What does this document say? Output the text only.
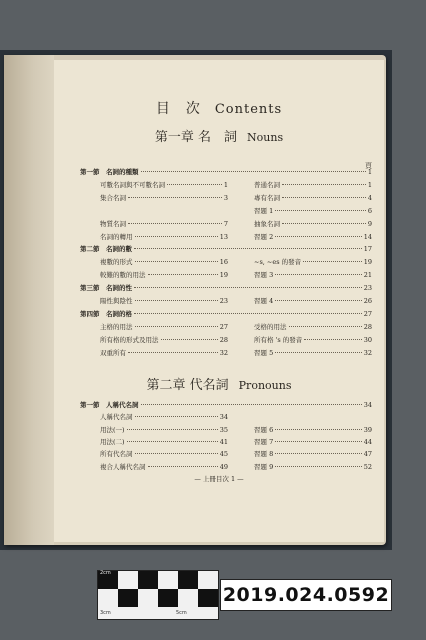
目　次 Contents
第一章 名　詞 Nouns
頁
第一節　名詞的種類	1
可數名詞與不可數名詞	1	普通名詞	1
集合名詞	3	專有名詞	4
習題 1	6
物質名詞	7	抽象名詞	9
名詞的轉用	13	習題 2	14
第二節　名詞的數	17
複數的形式	16	~s, ~es 的發音	19
較難的數的用法	19	習題 3	21
第三節　名詞的性	23
陽性與陰性	23	習題 4	26
第四節　名詞的格	27
主格的用法	27	受格的用法	28
所有格的形式及用法	28	所有格 's 的發音	30
双重所有	32	習題 5	32
第二章 代名詞 Pronouns
第一節　人稱代名詞	34
人稱代名詞	34
用法(一)	35	習題 6	39
用法(二)	41	習題 7	44
所有代名詞	45	習題 8	47
複合人稱代名詞	49	習題 9	52
— 上冊目次 1 —
2cm
3cm	5cm
2019.024.0592
